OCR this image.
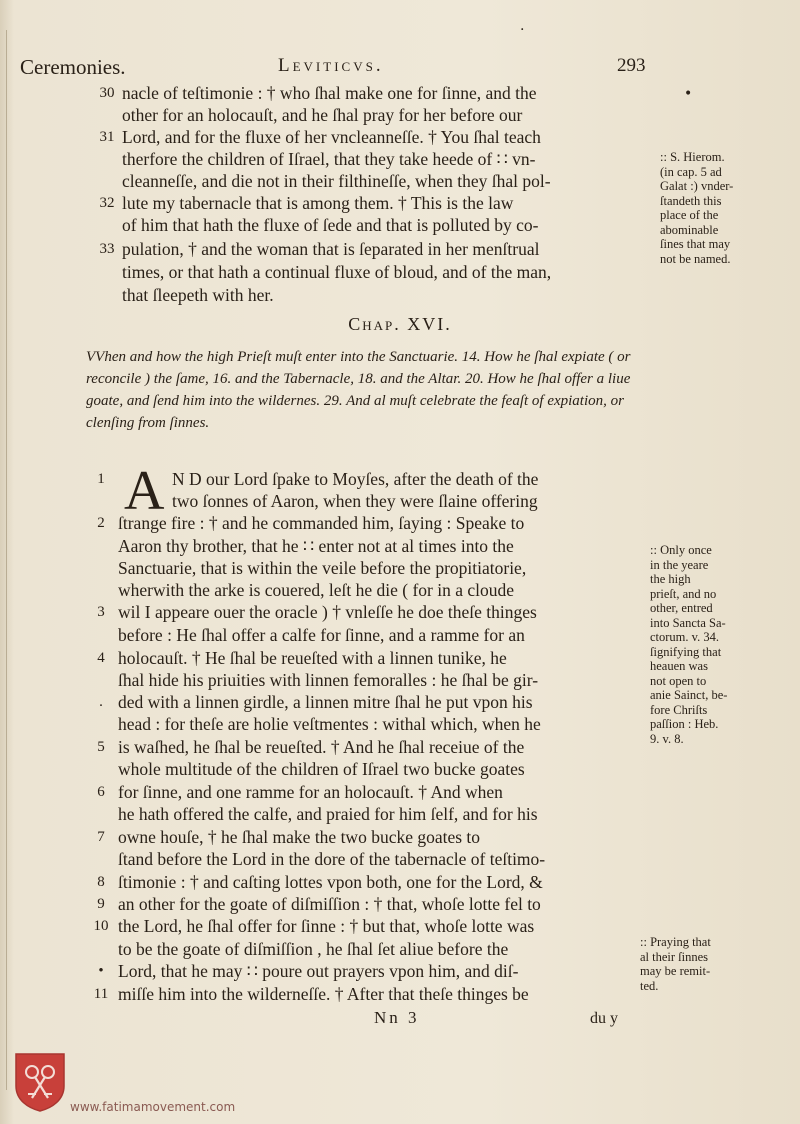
.
Ceremonies.	Leviticvs.	293
•
30 nacle of teſtimonie : † who ſhal make one for ſinne, and the
other for an holocauſt, and he ſhal pray for her before our
31 Lord, and for the fluxe of her vncleanneſſe. † You ſhal teach
therfore the children of Iſrael, that they take heede of ∷ vn-
cleanneſſe, and die not in their filthineſſe, when they ſhal pol-
32 lute my tabernacle that is among them. † This is the law
of him that hath the fluxe of ſede and that is polluted by co-
33 pulation, † and the woman that is ſeparated in her menſtrual
times, or that hath a continual fluxe of bloud, and of the man,
that ſleepeth with her.
:: S. Hierom.
(in cap. 5 ad
Galat :) vnder-
ſtandeth this
place of the
abominable
ſines that may
not be named.
Chap. XVI.
VVhen and how the high Prieſt muſt enter into the Sanctuarie. 14. How he ſhal expiate ( or reconcile ) the ſame, 16. and the Tabernacle, 18. and the Altar. 20. How he ſhal offer a liue goate, and ſend him into the wildernes. 29. And al muſt celebrate the feaſt of expiation, or clenſing from ſinnes.
A
1	N D our Lord ſpake to Moyſes, after the death of the
two ſonnes of Aaron, when they were ſlaine offering
2 ſtrange fire : † and he commanded him, ſaying : Speake to
Aaron thy brother, that he ∷ enter not at al times into the
Sanctuarie, that is within the veile before the propitiatorie,
wherwith the arke is couered, leſt he die ( for in a cloude
3 wil I appeare ouer the oracle ) † vnleſſe he doe theſe thinges
before : He ſhal offer a calfe for ſinne, and a ramme for an
4 holocauſt. † He ſhal be reueſted with a linnen tunike, he
ſhal hide his priuities with linnen femoralles : he ſhal be gir-
. ded with a linnen girdle, a linnen mitre ſhal he put vpon his
head : for theſe are holie veſtmentes : withal which, when he
5 is waſhed, he ſhal be reueſted. † And he ſhal receiue of the
whole multitude of the children of Iſrael two bucke goates
6 for ſinne, and one ramme for an holocauſt. † And when
he hath offered the calfe, and praied for him ſelf, and for his
7 owne houſe, † he ſhal make the two bucke goates to
ſtand before the Lord in the dore of the tabernacle of teſtimo-
8 ſtimonie : † and caſting lottes vpon both, one for the Lord, &
9 an other for the goate of diſmiſſion : † that, whoſe lotte fel to
10 the Lord, he ſhal offer for ſinne : † but that, whoſe lotte was
to be the goate of diſmiſſion , he ſhal ſet aliue before the
• Lord, that he may ∷ poure out prayers vpon him, and diſ-
11 miſſe him into the wilderneſſe. † After that theſe thinges be
:: Only once
in the yeare
the high
prieſt, and no
other, entred
into Sancta Sa-
ctorum. v. 34.
ſignifying that
heauen was
not open to
anie Sainct, be-
fore Chriſts
paſſion : Heb.
9. v. 8.
:: Praying that
al their ſinnes
may be remit-
ted.
Nn 3	du y
www.fatimamovement.com
